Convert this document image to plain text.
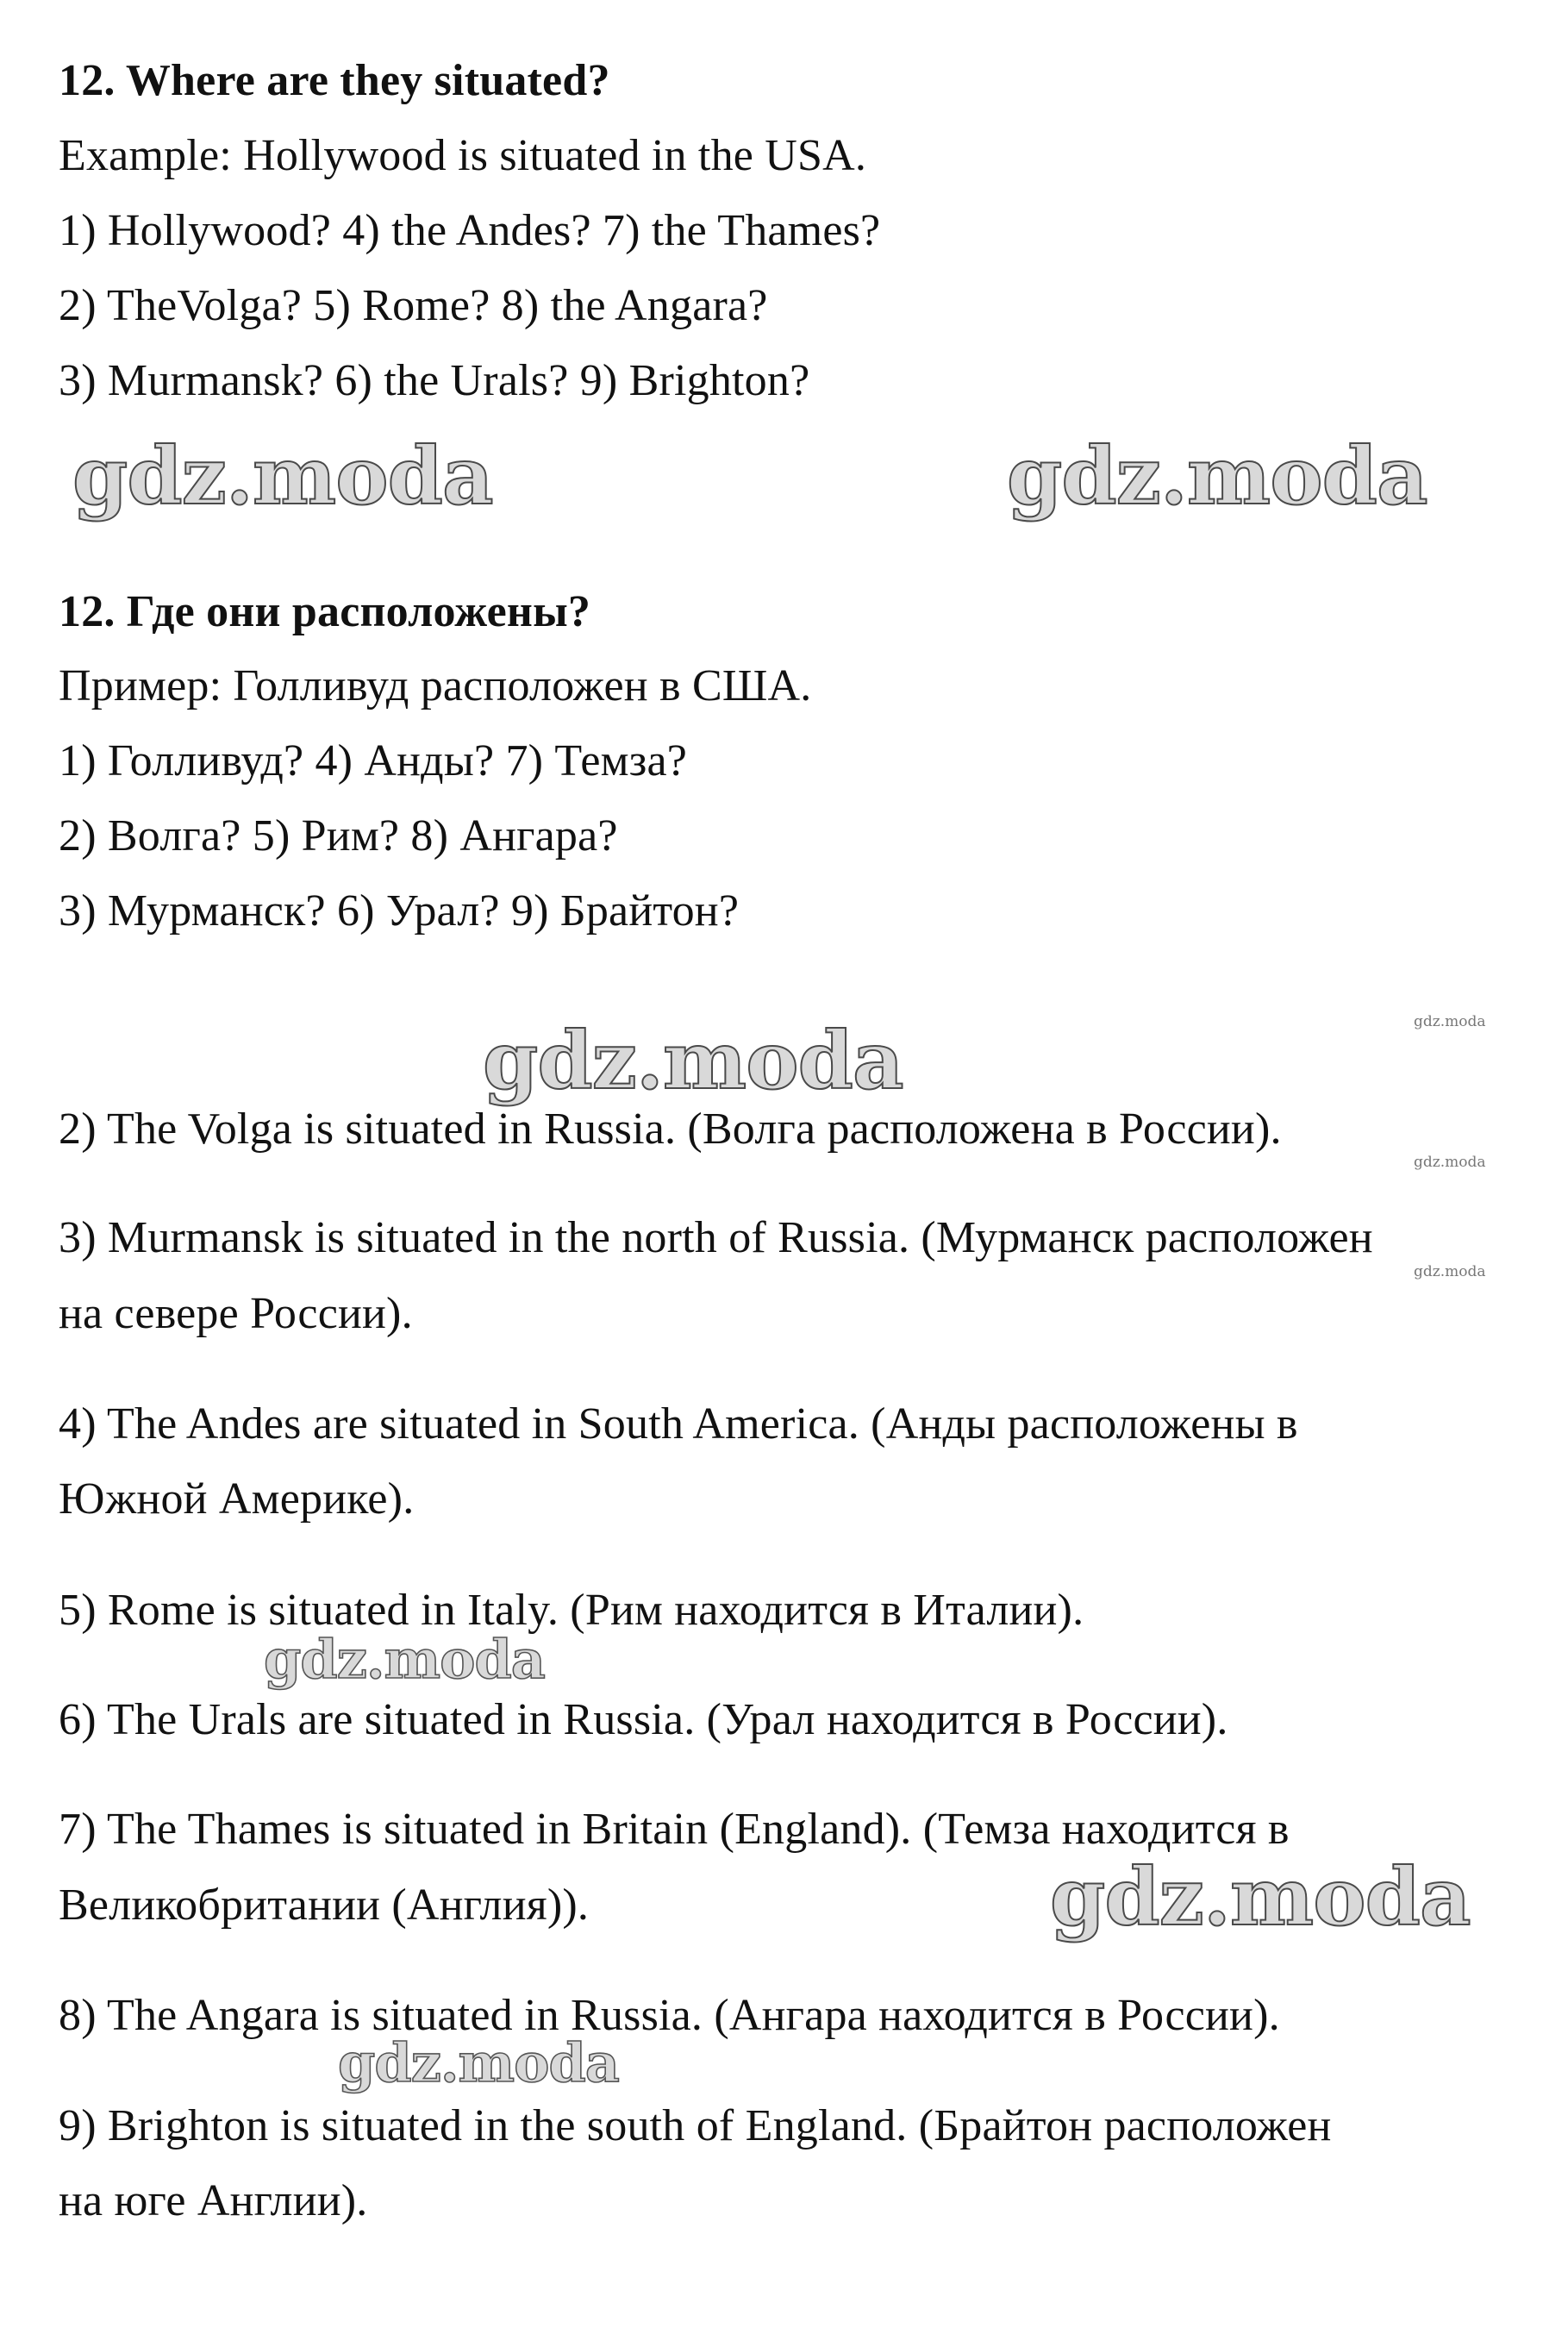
12. Where are they situated?
Example: Hollywood is situated in the USA.
1) Hollywood? 4) the Andes? 7) the Thames?
2) TheVolga? 5) Rome? 8) the Angara?
3) Murmansk? 6) the Urals? 9) Brighton?
gdz.moda	gdz.moda
12. Где они расположены?
Пример: Голливуд расположен в США.
1) Голливуд? 4) Анды? 7) Темза?
2) Волга? 5) Рим? 8) Ангара?
3) Мурманск? 6) Урал? 9) Брайтон?
gdz.moda	gdz.moda
gdz.moda
gdz.moda
2) The Volga is situated in Russia. (Волга расположена в России).
3) Murmansk is situated in the north of Russia. (Мурманск расположен
на севере России).
4) The Andes are situated in South America. (Анды расположены в
Южной Америке).
5) Rome is situated in Italy. (Рим находится в Италии).
gdz.moda
6) The Urals are situated in Russia. (Урал находится в России).
7) The Thames is situated in Britain (England). (Темза находится в
Великобритании (Англия)).	gdz.moda
8) The Angara is situated in Russia. (Ангара находится в России).
gdz.moda
9) Brighton is situated in the south of England. (Брайтон расположен
на юге Англии).
